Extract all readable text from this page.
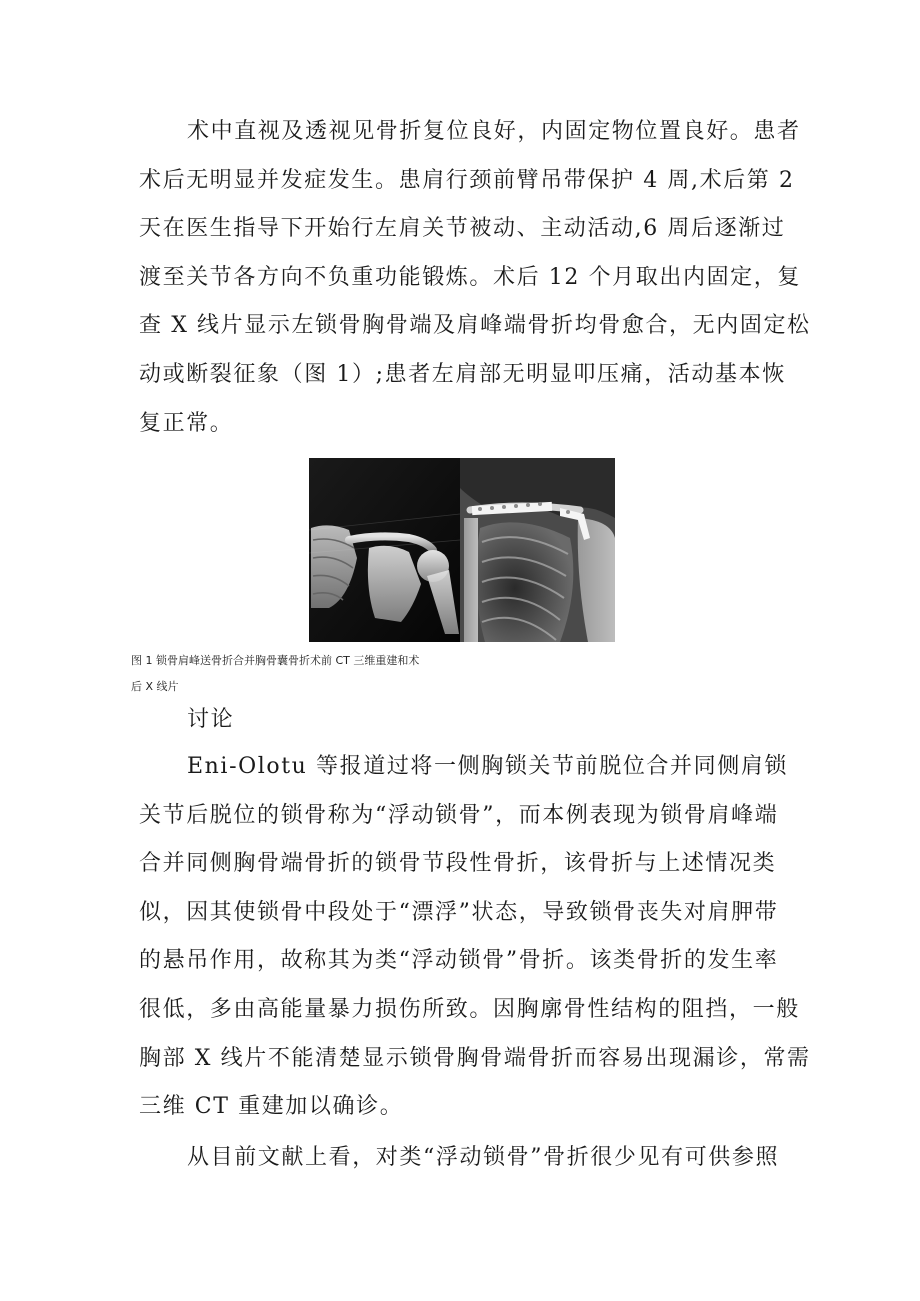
术中直视及透视见骨折复位良好，内固定物位置良好。患者
术后无明显并发症发生。患肩行颈前臂吊带保护 4 周,术后第 2
天在医生指导下开始行左肩关节被动、主动活动,6 周后逐渐过
渡至关节各方向不负重功能锻炼。术后 12 个月取出内固定，复
查 X 线片显示左锁骨胸骨端及肩峰端骨折均骨愈合，无内固定松
动或断裂征象（图 1）;患者左肩部无明显叩压痛，活动基本恢
复正常。
图 1 锁骨肩峰送骨折合并胸骨囊骨折术前 CT 三维重建和术
后 X 线片
讨论
Eni-Olotu 等报道过将一侧胸锁关节前脱位合并同侧肩锁
关节后脱位的锁骨称为“浮动锁骨”，而本例表现为锁骨肩峰端
合并同侧胸骨端骨折的锁骨节段性骨折，该骨折与上述情况类
似，因其使锁骨中段处于“漂浮”状态，导致锁骨丧失对肩胛带
的悬吊作用，故称其为类“浮动锁骨”骨折。该类骨折的发生率
很低，多由高能量暴力损伤所致。因胸廓骨性结构的阻挡，一般
胸部 X 线片不能清楚显示锁骨胸骨端骨折而容易出现漏诊，常需
三维 CT 重建加以确诊。
从目前文献上看，对类“浮动锁骨”骨折很少见有可供参照
